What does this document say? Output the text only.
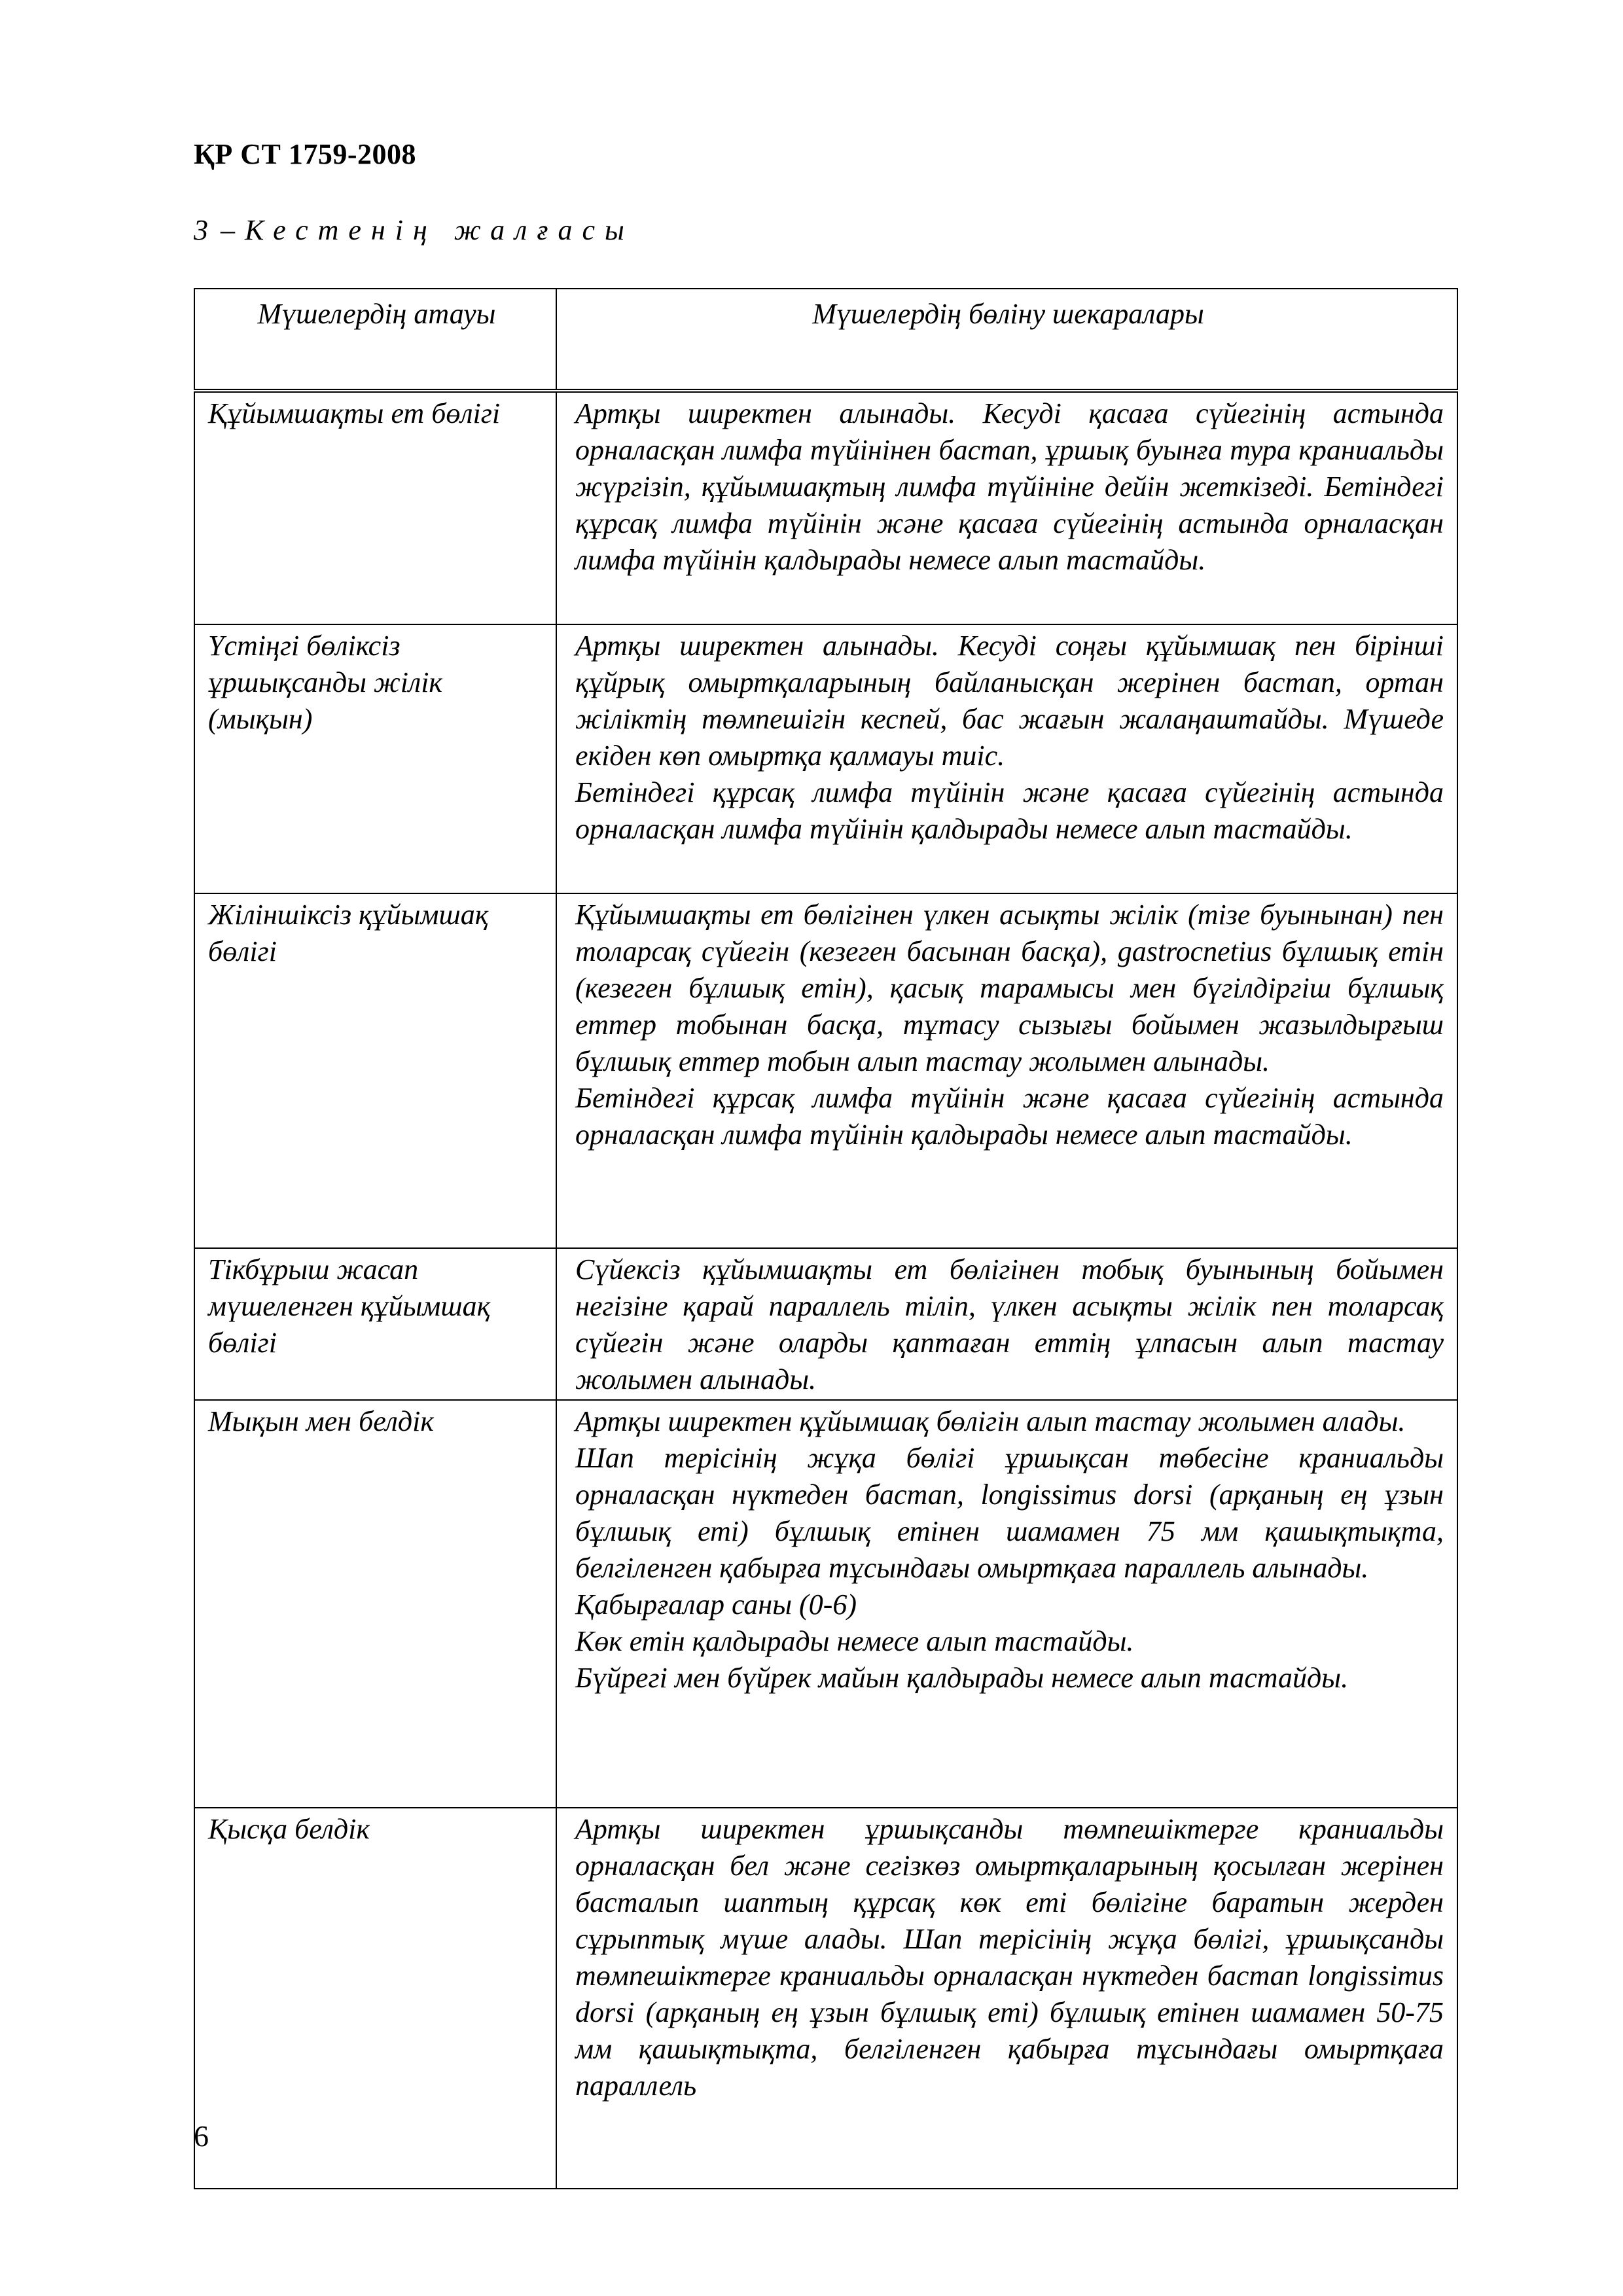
ҚР СТ 1759-2008
3 – Кестенің жалғасы
Мүшелердің атауы	Мүшелердің бөліну шекаралары
Құйымшақты ет бөлігі	Артқы ширектен алынады. Кесуді қасаға сүйегінің астында орналасқан лимфа түйінінен бастап, ұршық буынға тура краниальды жүргізіп, құйымшақтың лимфа түйініне дейін жеткізеді. Бетіндегі құрсақ лимфа түйінін және қасаға сүйегінің астында орналасқан лимфа түйінін қалдырады немесе алып тастайды.

Үстіңгі бөліксіз ұршықсанды жілік (мықын)	Артқы ширектен алынады. Кесуді соңғы құйымшақ пен бірінші құйрық омыртқаларының байланысқан жерінен бастап, ортан жіліктің төмпешігін кеспей, бас жағын жалаңаштайды. Мүшеде екіден көп омыртқа қалмауы тиіс.

Бетіндегі құрсақ лимфа түйінін және қасаға сүйегінің астында орналасқан лимфа түйінін қалдырады немесе алып тастайды.

Жіліншіксіз құйымшақ бөлігі	Құйымшақты ет бөлігінен үлкен асықты жілік (тізе буынынан) пен толарсақ сүйегін (кезеген басынан басқа), gastrocnetius бұлшық етін (кезеген бұлшық етін), қасық тарамысы мен бүгілдіргіш бұлшық еттер тобынан басқа, тұтасу сызығы бойымен жазылдырғыш бұлшық еттер тобын алып тастау жолымен алынады.

Бетіндегі құрсақ лимфа түйінін және қасаға сүйегінің астында орналасқан лимфа түйінін қалдырады немесе алып тастайды.

Тікбұрыш жасап мүшеленген құйымшақ бөлігі	Сүйексіз құйымшақты ет бөлігінен тобық буынының бойымен негізіне қарай параллель тіліп, үлкен асықты жілік пен толарсақ сүйегін және оларды қаптаған еттің ұлпасын алып тастау жолымен алынады.

Мықын мен белдік	Артқы ширектен құйымшақ бөлігін алып тастау жолымен алады.

Шап терісінің жұқа бөлігі ұршықсан төбесіне краниальды орналасқан нүктеден бастап, longissimus dorsi (арқаның ең ұзын бұлшық еті) бұлшық етінен шамамен 75 мм қашықтықта, белгіленген қабырға тұсындағы омыртқаға параллель алынады.

Қабырғалар саны (0-6)

Көк етін қалдырады немесе алып тастайды.

Бүйрегі мен бүйрек майын қалдырады немесе алып тастайды.

Қысқа белдік	Артқы ширектен ұршықсанды төмпешіктерге краниальды орналасқан бел және сегізкөз омыртқаларының қосылған жерінен басталып шаптың құрсақ көк еті бөлігіне баратын жерден сұрыптық мүше алады. Шап терісінің жұқа бөлігі, ұршықсанды төмпешіктерге краниальды орналасқан нүктеден бастап longissimus dorsi (арқаның ең ұзын бұлшық еті) бұлшық етінен шамамен 50-75 мм қашықтықта, белгіленген қабырға тұсындағы омыртқаға параллель

6
